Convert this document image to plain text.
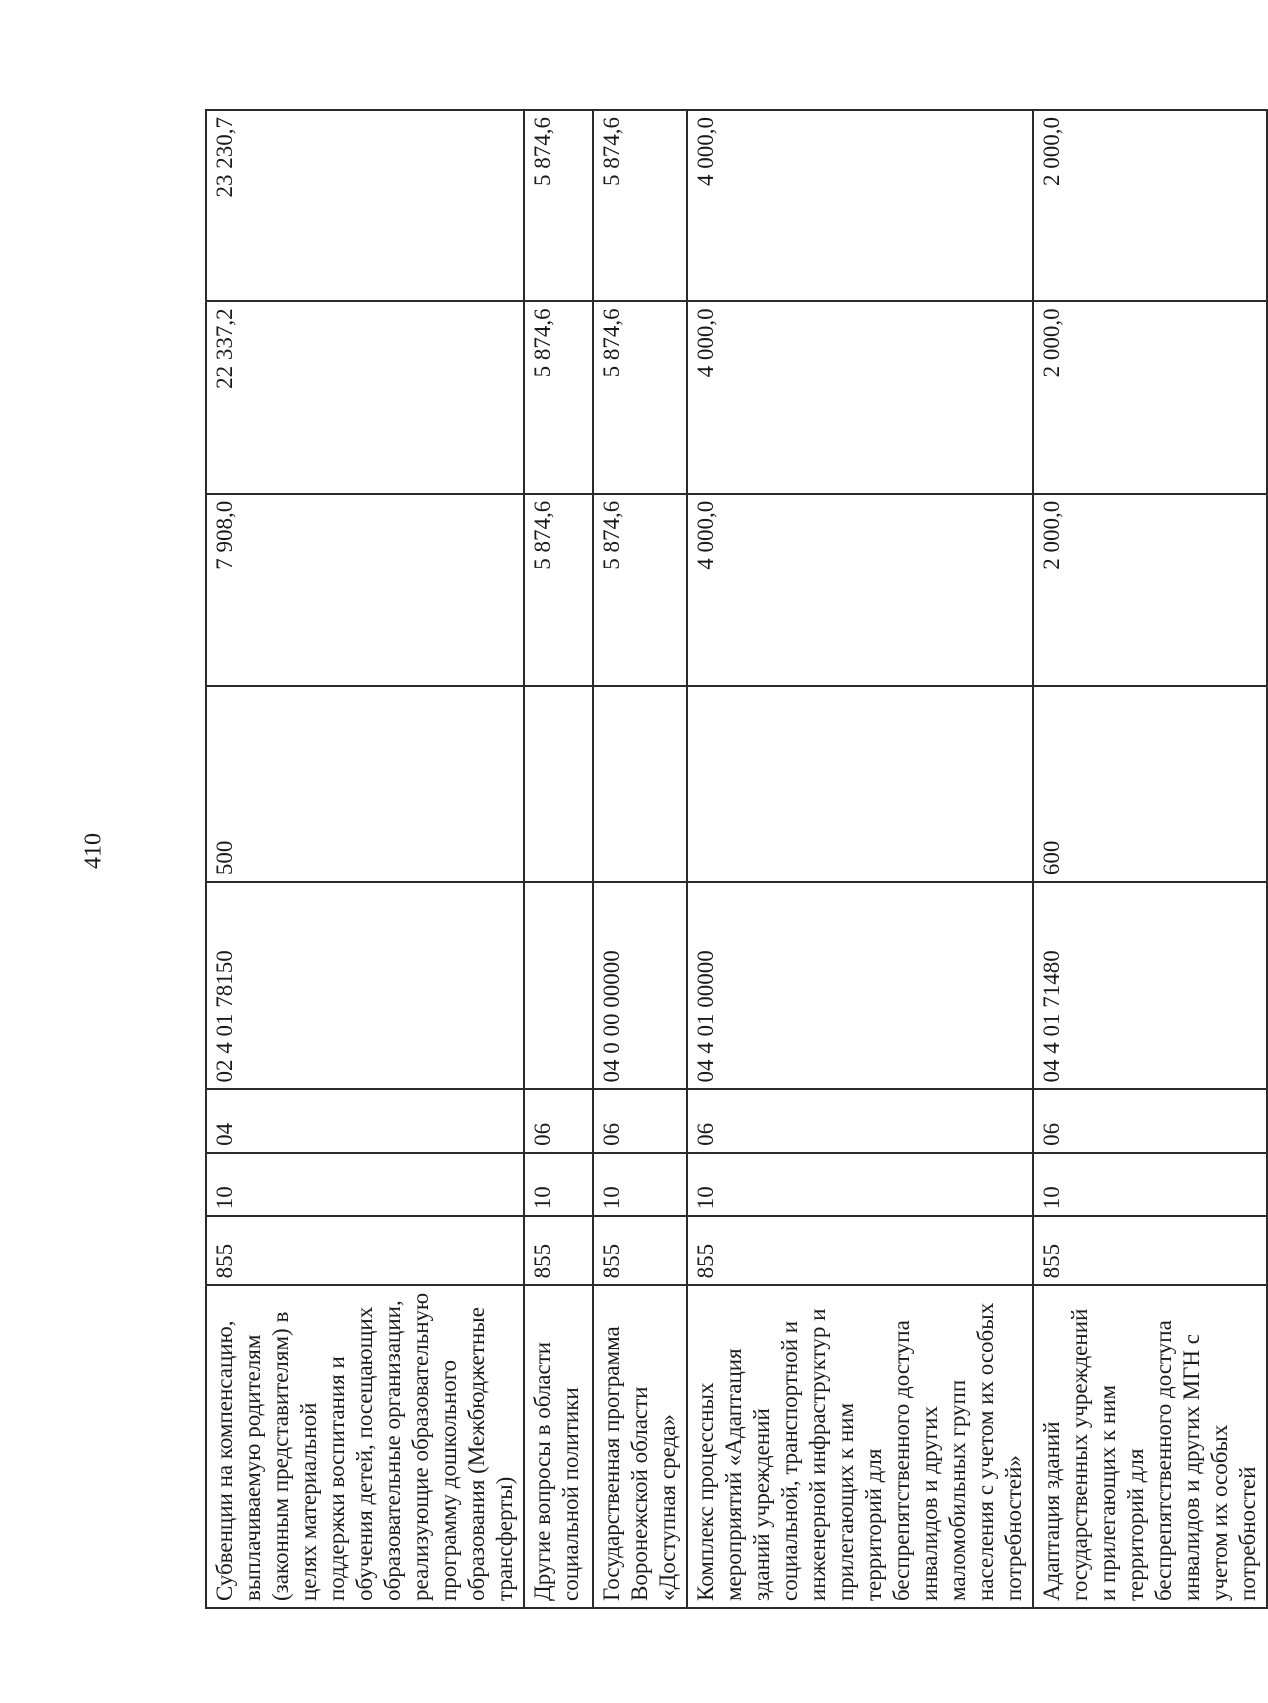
410
Субвенции на компенсацию, выплачиваемую родителям (законным представителям) в целях материальной поддержки воспитания и обучения детей, посещающих образовательные организации, реализующие образовательную программу дошкольного образования (Межбюджетные трансферты)	855	10	04	02 4 01 78150	500	7 908,0	22 337,2	23 230,7
Другие вопросы в области социальной политики	855	10	06			5 874,6	5 874,6	5 874,6
Государственная программа Воронежской области «Доступная среда»	855	10	06	04 0 00 00000		5 874,6	5 874,6	5 874,6
Комплекс процессных мероприятий «Адаптация зданий учреждений социальной, транспортной и инженерной инфраструктур и прилегающих к ним территорий для беспрепятственного доступа инвалидов и других маломобильных групп населения с учетом их особых потребностей»	855	10	06	04 4 01 00000		4 000,0	4 000,0	4 000,0
Адаптация зданий государственных учреждений и прилегающих к ним территорий для беспрепятственного доступа инвалидов и других МГН с учетом их особых потребностей	855	10	06	04 4 01 71480	600	2 000,0	2 000,0	2 000,0
